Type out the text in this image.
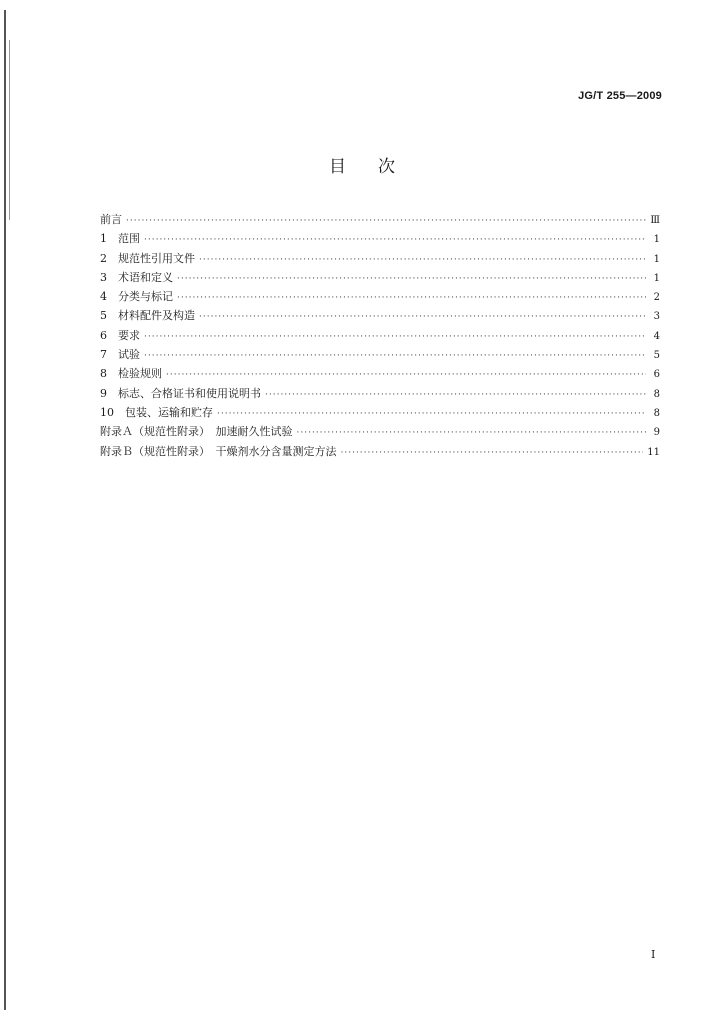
JG/T 255—2009
目次
前言 ·····	Ⅲ
1　范围 ·····	1
2　规范性引用文件 ·····	1
3　术语和定义 ·····	1
4　分类与标记 ·····	2
5　材料配件及构造 ·····	3
6　要求 ·····	4
7　试验 ·····	5
8　检验规则 ·····	6
9　标志、合格证书和使用说明书 ·····	8
10　包装、运输和贮存 ·····	8
附录Ａ（规范性附录）　加速耐久性试验 ·····	9
附录Ｂ（规范性附录）　干燥剂水分含量测定方法 ·····	11
Ⅰ
